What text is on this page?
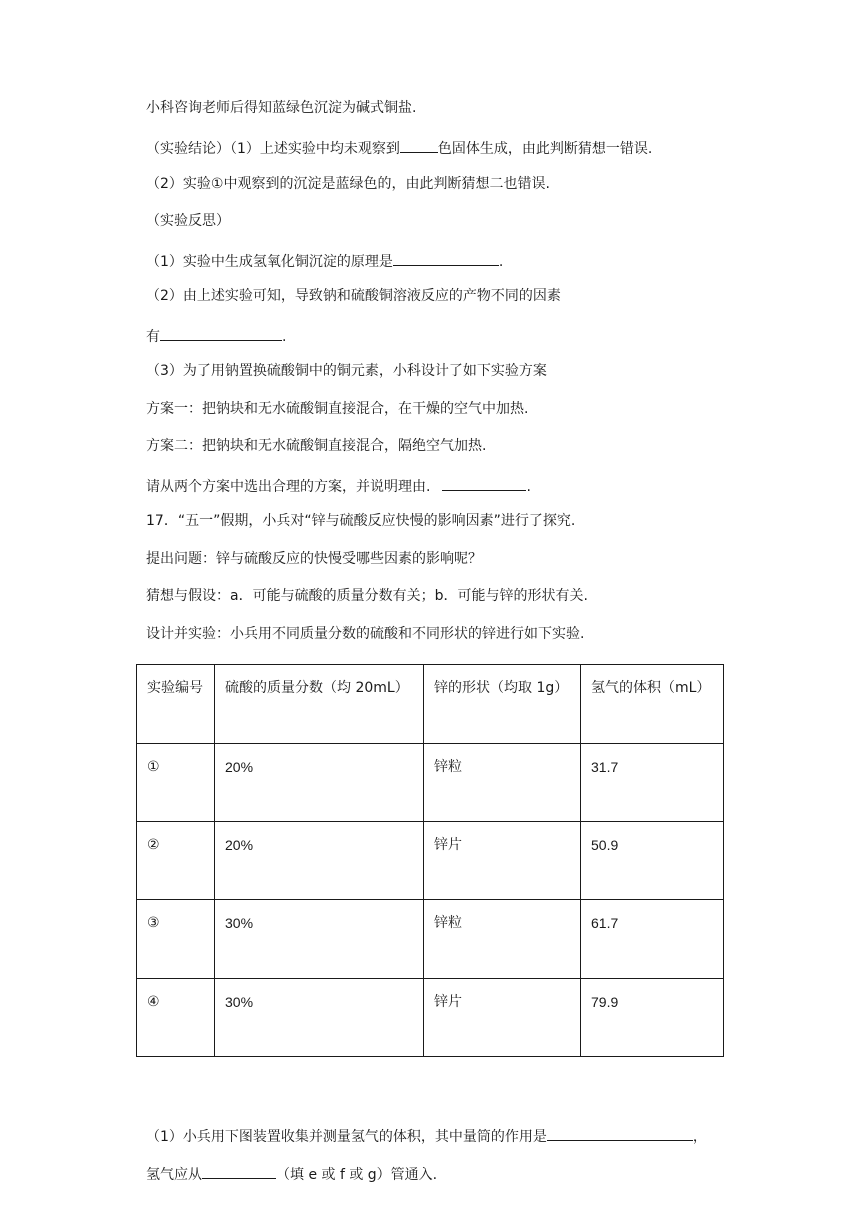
小科咨询老师后得知蓝绿色沉淀为碱式铜盐.
（实验结论）（1）上述实验中均未观察到	色固体生成，由此判断猜想一错误.
（2）实验①中观察到的沉淀是蓝绿色的，由此判断猜想二也错误.
（实验反思）
（1）实验中生成氢氧化铜沉淀的原理是	.
（2）由上述实验可知，导致钠和硫酸铜溶液反应的产物不同的因素
有	.
（3）为了用钠置换硫酸铜中的铜元素，小科设计了如下实验方案
方案一：把钠块和无水硫酸铜直接混合，在干燥的空气中加热.
方案二：把钠块和无水硫酸铜直接混合，隔绝空气加热.
请从两个方案中选出合理的方案，并说明理由.	.
17．“五一”假期，小兵对“锌与硫酸反应快慢的影响因素”进行了探究.
提出问题：锌与硫酸反应的快慢受哪些因素的影响呢？
猜想与假设：a．可能与硫酸的质量分数有关；b．可能与锌的形状有关.
设计并实验：小兵用不同质量分数的硫酸和不同形状的锌进行如下实验.
实验编号	硫酸的质量分数（均 20mL）	锌的形状（均取 1g）	氢气的体积（mL）
①	20%	锌粒	31.7
②	20%	锌片	50.9
③	30%	锌粒	61.7
④	30%	锌片	79.9
（1）小兵用下图装置收集并测量氢气的体积，其中量筒的作用是	，
氢气应从	（填 e 或 f 或 g）管通入.
